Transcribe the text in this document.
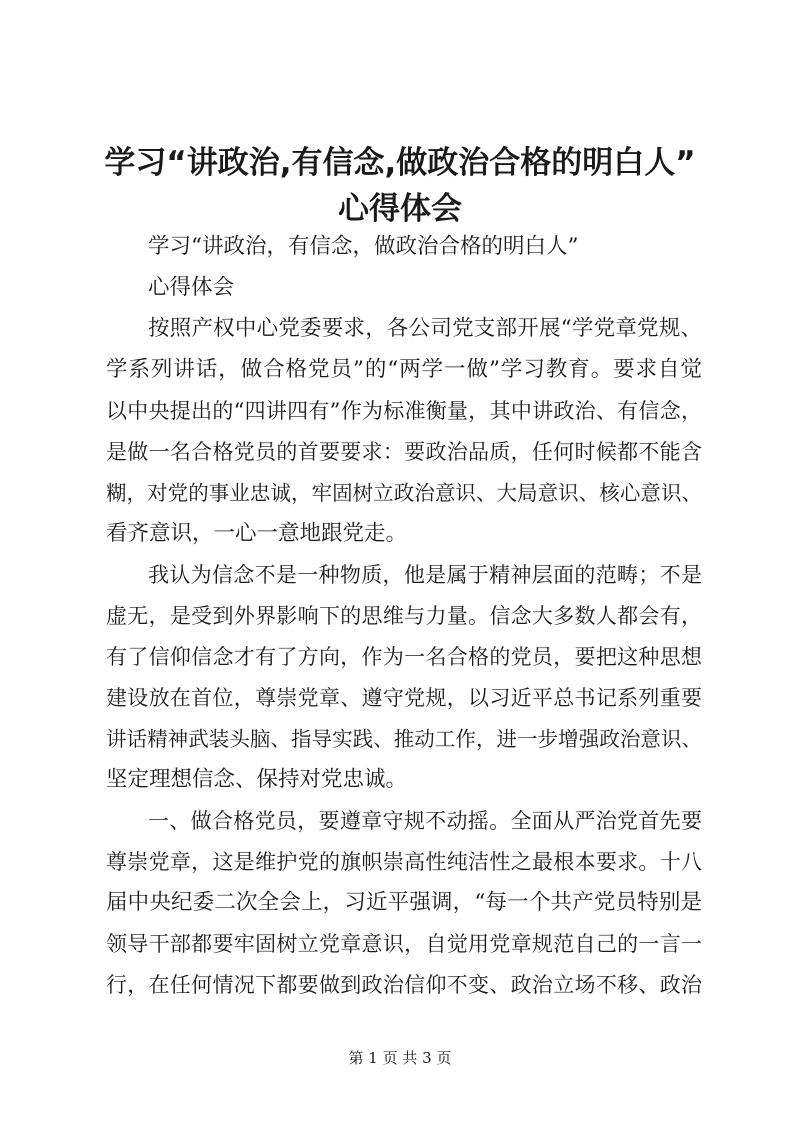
学习“讲政治,有信念,做政治合格的明白人”
心得体会
学习“讲政治，有信念，做政治合格的明白人”
心得体会
按照产权中心党委要求，各公司党支部开展“学党章党规、
学系列讲话，做合格党员”的“两学一做”学习教育。要求自觉
以中央提出的“四讲四有”作为标准衡量，其中讲政治、有信念，
是做一名合格党员的首要要求：要政治品质，任何时候都不能含
糊，对党的事业忠诚，牢固树立政治意识、大局意识、核心意识、
看齐意识，一心一意地跟党走。
我认为信念不是一种物质，他是属于精神层面的范畴；不是
虚无，是受到外界影响下的思维与力量。信念大多数人都会有，
有了信仰信念才有了方向，作为一名合格的党员，要把这种思想
建设放在首位，尊崇党章、遵守党规，以习近平总书记系列重要
讲话精神武装头脑、指导实践、推动工作，进一步增强政治意识、
坚定理想信念、保持对党忠诚。
一、做合格党员，要遵章守规不动摇。全面从严治党首先要
尊崇党章，这是维护党的旗帜崇高性纯洁性之最根本要求。十八
届中央纪委二次全会上，习近平强调，“每一个共产党员特别是
领导干部都要牢固树立党章意识，自觉用党章规范自己的一言一
行，在任何情况下都要做到政治信仰不变、政治立场不移、政治
第 1 页 共 3 页
